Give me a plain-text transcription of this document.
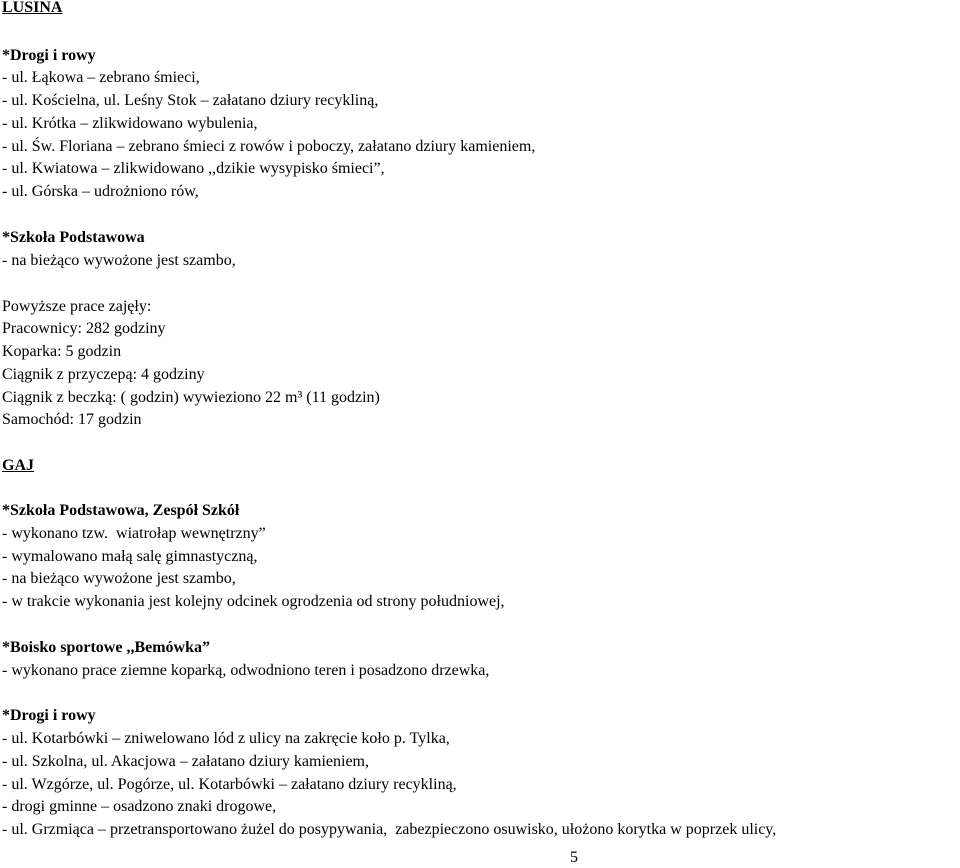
LUSINA
*Drogi i rowy
- ul. Łąkowa – zebrano śmieci,
- ul. Kościelna, ul. Leśny Stok – załatano dziury recykliną,
- ul. Krótka – zlikwidowano wybulenia,
- ul. Św. Floriana – zebrano śmieci z rowów i poboczy, załatano dziury kamieniem,
- ul. Kwiatowa – zlikwidowano ,,dzikie wysypisko śmieci”,
- ul. Górska – udrożniono rów,
*Szkoła Podstawowa
- na bieżąco wywożone jest szambo,
Powyższe prace zajęły:
Pracownicy: 282 godziny
Koparka: 5 godzin
Ciągnik z przyczepą: 4 godziny
Ciągnik z beczką: ( godzin) wywieziono 22 m³ (11 godzin)
Samochód: 17 godzin
GAJ
*Szkoła Podstawowa, Zespół Szkół
- wykonano tzw.  wiatrołap wewnętrzny”
- wymalowano małą salę gimnastyczną,
- na bieżąco wywożone jest szambo,
- w trakcie wykonania jest kolejny odcinek ogrodzenia od strony południowej,
*Boisko sportowe ,,Bemówka”
- wykonano prace ziemne koparką, odwodniono teren i posadzono drzewka,
*Drogi i rowy
- ul. Kotarbówki – zniwelowano lód z ulicy na zakręcie koło p. Tylka,
- ul. Szkolna, ul. Akacjowa – załatano dziury kamieniem,
- ul. Wzgórze, ul. Pogórze, ul. Kotarbówki – załatano dziury recykliną,
- drogi gminne – osadzono znaki drogowe,
- ul. Grzmiąca – przetransportowano żużel do posypywania,  zabezpieczono osuwisko, ułożono korytka w poprzek ulicy,
5
